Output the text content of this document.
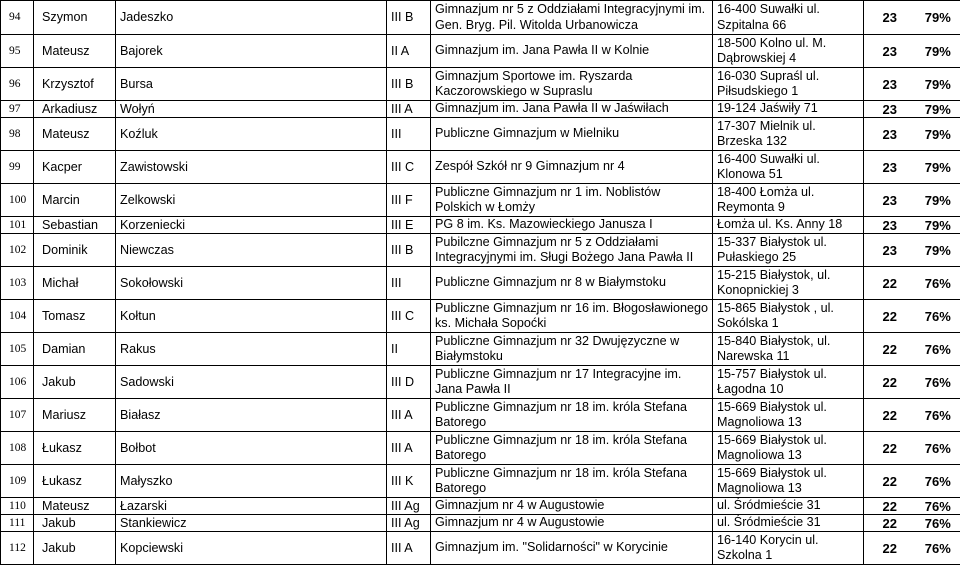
94	Szymon	Jadeszko	III B	Gimnazjum nr 5 z Oddziałami Integracyjnymi im. Gen. Bryg. Pil. Witolda Urbanowicza	16-400 Suwałki ul. Szpitalna 66	23	79%
95	Mateusz	Bajorek	II A	Gimnazjum im. Jana Pawła II w Kolnie	18-500 Kolno ul. M. Dąbrowskiej 4	23	79%
96	Krzysztof	Bursa	III B	Gimnazjum Sportowe im. Ryszarda Kaczorowskiego w Supraslu	16-030 Supraśl ul. Piłsudskiego 1	23	79%
97	Arkadiusz	Wołyń	III A	Gimnazjum im. Jana Pawła II w Jaświłach	19-124 Jaświły 71	23	79%
98	Mateusz	Koźluk	III	Publiczne Gimnazjum w Mielniku	17-307 Mielnik ul. Brzeska 132	23	79%
99	Kacper	Zawistowski	III C	Zespół Szkół nr 9 Gimnazjum nr 4	16-400 Suwałki ul. Klonowa 51	23	79%
100	Marcin	Zelkowski	III F	Publiczne Gimnazjum nr 1 im. Noblistów Polskich w Łomży	18-400 Łomża ul. Reymonta 9	23	79%
101	Sebastian	Korzeniecki	III E	PG 8 im. Ks. Mazowieckiego Janusza I	Łomża ul. Ks. Anny 18	23	79%
102	Dominik	Niewczas	III B	Pubilczne Gimnazjum nr 5 z Oddziałami Integracyjnymi im. Sługi Bożego Jana Pawła II	15-337 Białystok ul. Pułaskiego 25	23	79%
103	Michał	Sokołowski	III	Publiczne Gimnazjum nr 8 w Białymstoku	15-215 Białystok, ul. Konopnickiej 3	22	76%
104	Tomasz	Kołtun	III C	Publiczne Gimnazjum nr 16 im. Błogosławionego ks. Michała Sopoćki	15-865 Białystok , ul. Sokólska 1	22	76%
105	Damian	Rakus	II	Publiczne Gimnazjum nr 32 Dwujęzyczne w Białymstoku	15-840 Białystok, ul. Narewska 11	22	76%
106	Jakub	Sadowski	III D	Publiczne Gimnazjum nr 17 Integracyjne im. Jana Pawła II	15-757 Białystok ul. Łagodna 10	22	76%
107	Mariusz	Białasz	III A	Publiczne Gimnazjum nr 18 im. króla Stefana Batorego	15-669 Białystok ul. Magnoliowa 13	22	76%
108	Łukasz	Bołbot	III A	Publiczne Gimnazjum nr 18 im. króla Stefana Batorego	15-669 Białystok ul. Magnoliowa 13	22	76%
109	Łukasz	Małyszko	III K	Publiczne Gimnazjum nr 18 im. króla Stefana Batorego	15-669 Białystok ul. Magnoliowa 13	22	76%
110	Mateusz	Łazarski	III Ag	Gimnazjum nr 4 w Augustowie	ul. Śródmieście 31	22	76%
111	Jakub	Stankiewicz	III Ag	Gimnazjum nr 4 w Augustowie	ul. Śródmieście 31	22	76%
112	Jakub	Kopciewski	III A	Gimnazjum im. "Solidarności" w Korycinie	16-140 Korycin ul. Szkolna 1	22	76%
